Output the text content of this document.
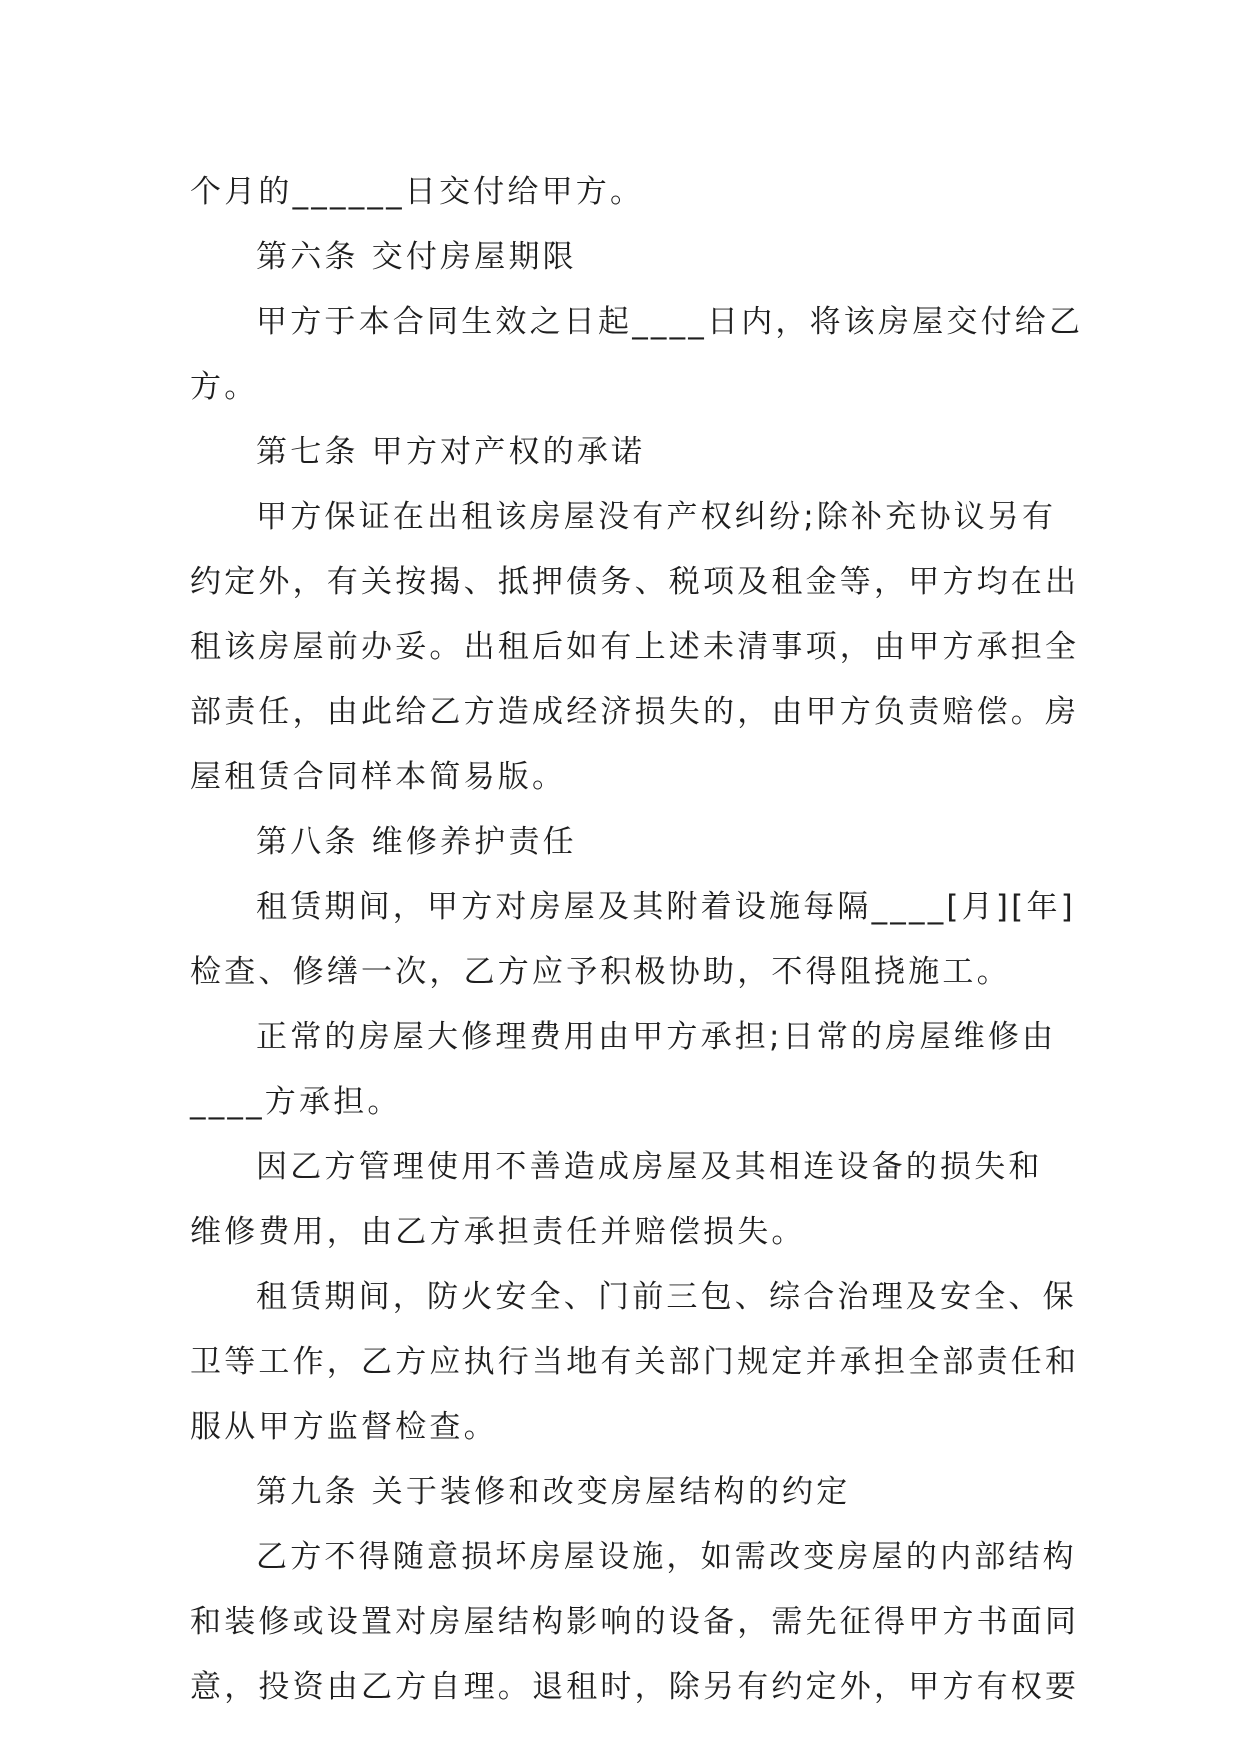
个月的______日交付给甲方。
第六条 交付房屋期限
甲方于本合同生效之日起____日内，将该房屋交付给乙
方。
第七条 甲方对产权的承诺
甲方保证在出租该房屋没有产权纠纷;除补充协议另有
约定外，有关按揭、抵押债务、税项及租金等，甲方均在出
租该房屋前办妥。出租后如有上述未清事项，由甲方承担全
部责任，由此给乙方造成经济损失的，由甲方负责赔偿。房
屋租赁合同样本简易版。
第八条 维修养护责任
租赁期间，甲方对房屋及其附着设施每隔____[月][年]
检查、修缮一次，乙方应予积极协助，不得阻挠施工。
正常的房屋大修理费用由甲方承担;日常的房屋维修由
____方承担。
因乙方管理使用不善造成房屋及其相连设备的损失和
维修费用，由乙方承担责任并赔偿损失。
租赁期间，防火安全、门前三包、综合治理及安全、保
卫等工作，乙方应执行当地有关部门规定并承担全部责任和
服从甲方监督检查。
第九条 关于装修和改变房屋结构的约定
乙方不得随意损坏房屋设施，如需改变房屋的内部结构
和装修或设置对房屋结构影响的设备，需先征得甲方书面同
意，投资由乙方自理。退租时，除另有约定外，甲方有权要
